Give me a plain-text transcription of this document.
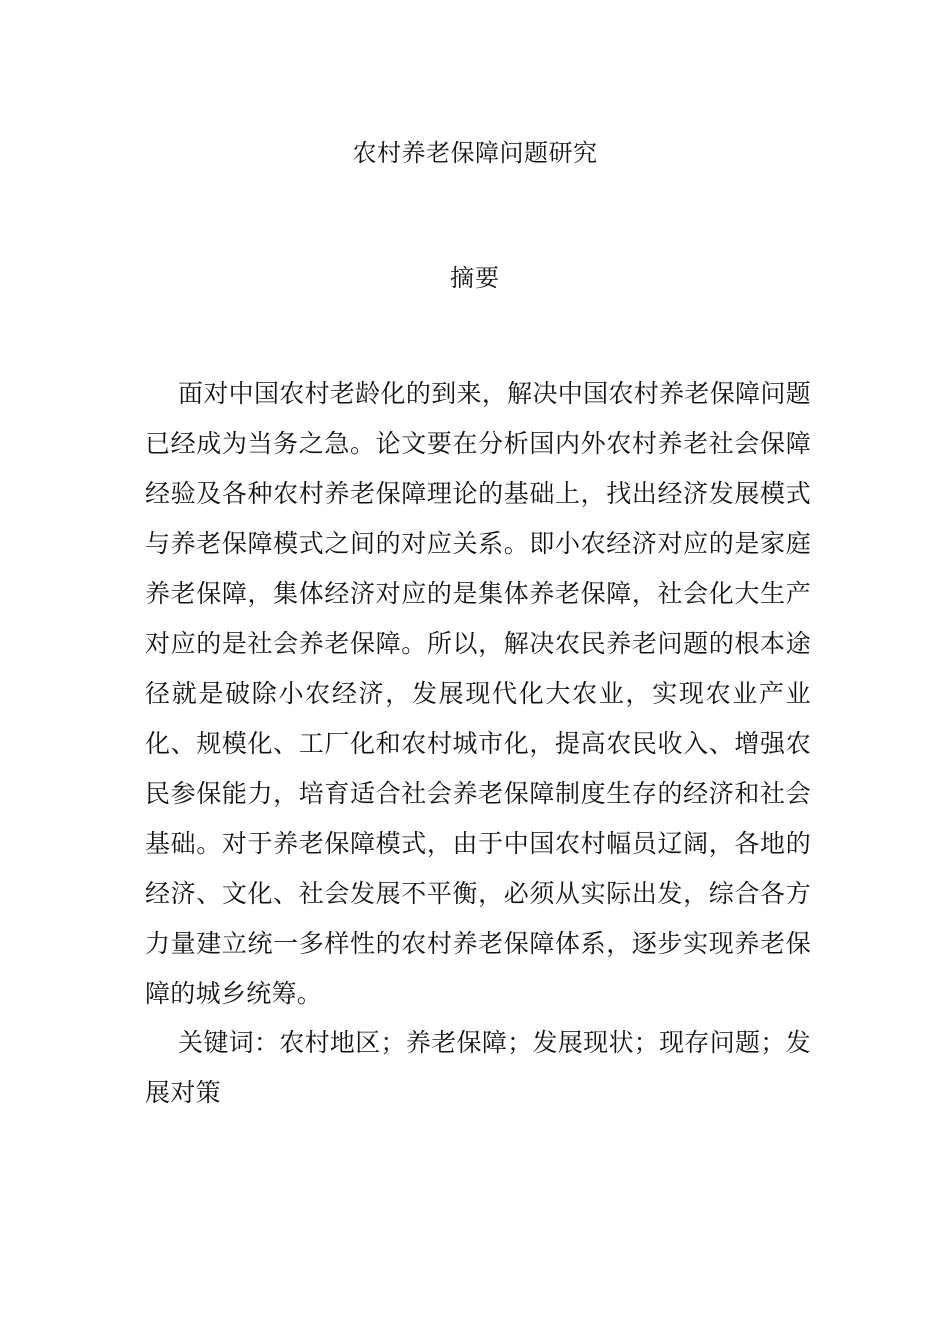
农村养老保障问题研究
摘要

面对中国农村老龄化的到来，解决中国农村养老保障问题已经成为当务之急。论文要在分析国内外农村养老社会保障经验及各种农村养老保障理论的基础上，找出经济发展模式与养老保障模式之间的对应关系。即小农经济对应的是家庭养老保障，集体经济对应的是集体养老保障，社会化大生产对应的是社会养老保障。所以，解决农民养老问题的根本途径就是破除小农经济，发展现代化大农业，实现农业产业化、规模化、工厂化和农村城市化，提高农民收入、增强农民参保能力，培育适合社会养老保障制度生存的经济和社会基础。对于养老保障模式，由于中国农村幅员辽阔，各地的经济、文化、社会发展不平衡，必须从实际出发，综合各方力量建立统一多样性的农村养老保障体系，逐步实现养老保障的城乡统筹。

关键词：农村地区；养老保障；发展现状；现存问题；发展对策
